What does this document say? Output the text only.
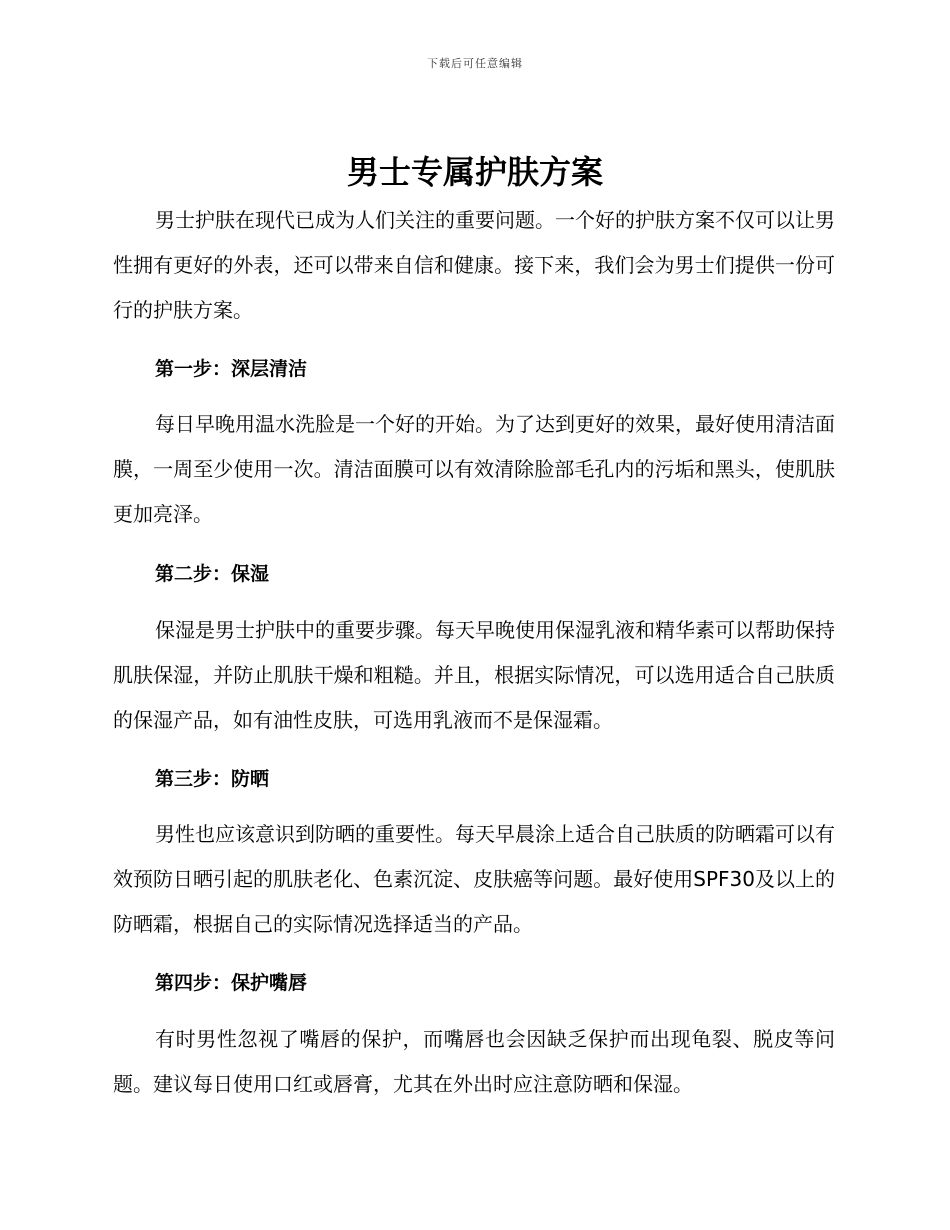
下载后可任意编辑
男士专属护肤方案

男士护肤在现代已成为人们关注的重要问题。一个好的护肤方案不仅可以让男性拥有更好的外表，还可以带来自信和健康。接下来，我们会为男士们提供一份可行的护肤方案。

第一步：深层清洁

每日早晚用温水洗脸是一个好的开始。为了达到更好的效果，最好使用清洁面膜，一周至少使用一次。清洁面膜可以有效清除脸部毛孔内的污垢和黑头，使肌肤更加亮泽。

第二步：保湿

保湿是男士护肤中的重要步骤。每天早晚使用保湿乳液和精华素可以帮助保持肌肤保湿，并防止肌肤干燥和粗糙。并且，根据实际情况，可以选用适合自己肤质的保湿产品，如有油性皮肤，可选用乳液而不是保湿霜。

第三步：防晒

男性也应该意识到防晒的重要性。每天早晨涂上适合自己肤质的防晒霜可以有效预防日晒引起的肌肤老化、色素沉淀、皮肤癌等问题。最好使用SPF30及以上的防晒霜，根据自己的实际情况选择适当的产品。

第四步：保护嘴唇

有时男性忽视了嘴唇的保护，而嘴唇也会因缺乏保护而出现龟裂、脱皮等问题。建议每日使用口红或唇膏，尤其在外出时应注意防晒和保湿。
